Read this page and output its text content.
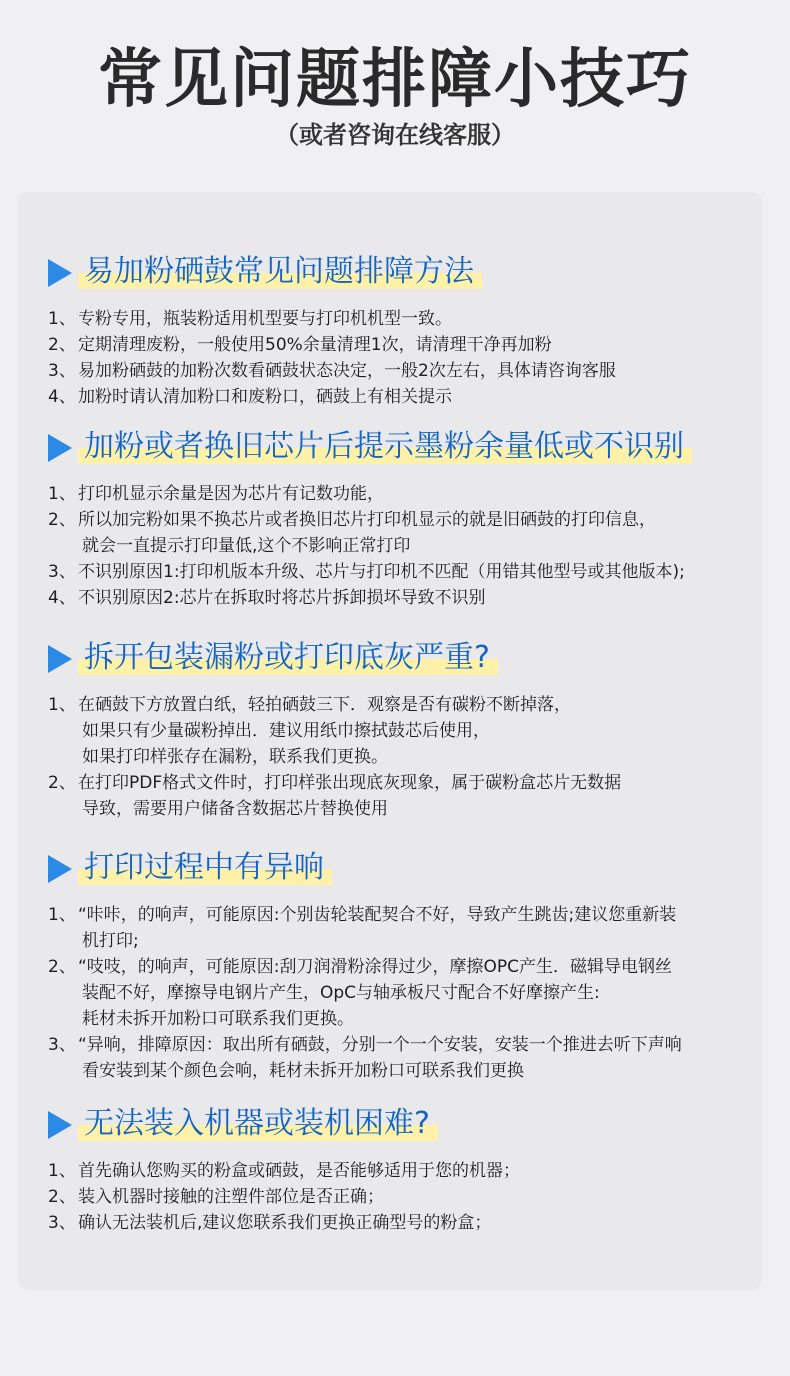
常见问题排障小技巧
（或者咨询在线客服）
易加粉硒鼓常见问题排障方法
1、 专粉专用，瓶装粉适用机型要与打印机机型一致。
2、 定期清理废粉，一般使用50%余量清理1次，请清理干净再加粉
3、 易加粉硒鼓的加粉次数看硒鼓状态决定，一般2次左右，具体请咨询客服
4、 加粉时请认清加粉口和废粉口，硒鼓上有相关提示
加粉或者换旧芯片后提示墨粉余量低或不识别
1、 打印机显示余量是因为芯片有记数功能，
2、 所以加完粉如果不换芯片或者换旧芯片打印机显示的就是旧硒鼓的打印信息，
就会一直提示打印量低,这个不影响正常打印
3、 不识别原因1:打印机版本升级、芯片与打印机不匹配（用错其他型号或其他版本);
4、 不识别原因2:芯片在拆取时将芯片拆卸损坏导致不识别
拆开包装漏粉或打印底灰严重?
1、 在硒鼓下方放置白纸，轻拍硒鼓三下．观察是否有碳粉不断掉落，
如果只有少量碳粉掉出．建议用纸巾擦拭鼓芯后使用，
如果打印样张存在漏粉，联系我们更换。
2、 在打印PDF格式文件时，打印样张出现底灰现象，属于碳粉盒芯片无数据
导致，需要用户储备含数据芯片替换使用
打印过程中有异响
1、 “咔咔，的响声，可能原因:个别齿轮装配契合不好，导致产生跳齿;建议您重新装
机打印;
2、 “吱吱，的响声，可能原因:刮刀润滑粉涂得过少，摩擦OPC产生．磁辑导电钢丝
装配不好，摩擦导电钢片产生，OpC与轴承板尺寸配合不好摩擦产生:
耗材未拆开加粉口可联系我们更换。
3、 “异响，排障原因：取出所有硒鼓，分别一个一个安装，安装一个推进去听下声响
看安装到某个颜色会响，耗材未拆开加粉口可联系我们更换
无法装入机器或装机困难?
1、 首先确认您购买的粉盒或硒鼓，是否能够适用于您的机器；
2、 装入机器时接触的注塑件部位是否正确；
3、 确认无法装机后,建议您联系我们更换正确型号的粉盒；
